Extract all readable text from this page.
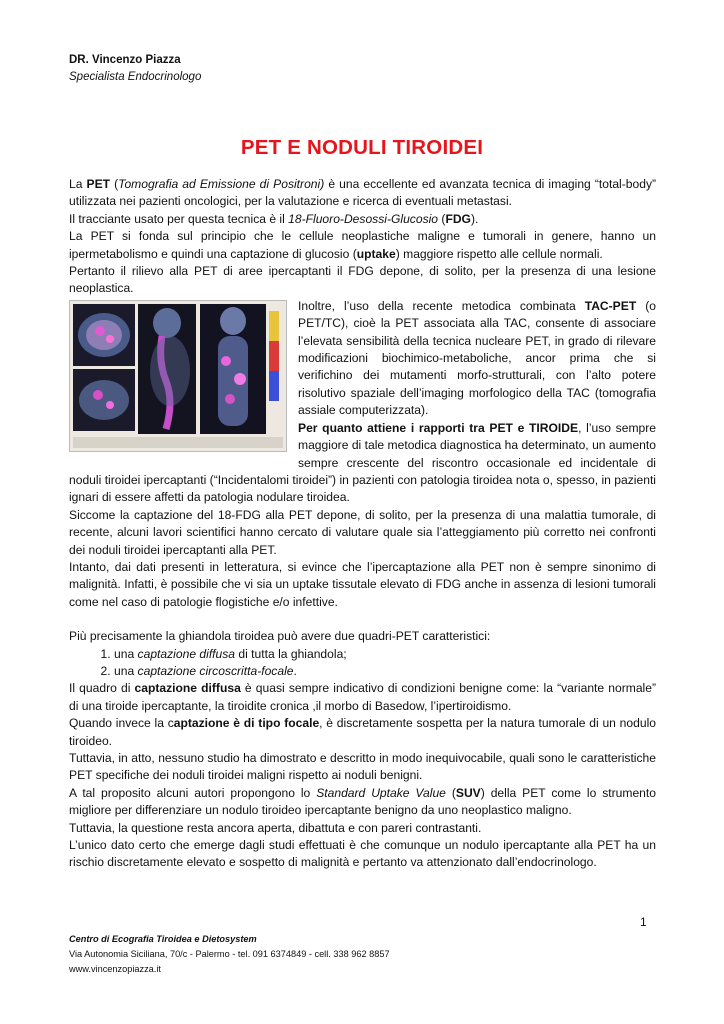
DR. Vincenzo Piazza
Specialista Endocrinologo
PET E NODULI TIROIDEI

La PET (Tomografia ad Emissione di Positroni) è una eccellente ed avanzata tecnica di imaging “total-body” utilizzata nei pazienti oncologici, per la valutazione e ricerca di eventuali metastasi.

Il tracciante usato per questa tecnica è il 18-Fluoro-Desossi-Glucosio (FDG).

La PET si fonda sul principio che le cellule neoplastiche maligne e tumorali in genere, hanno un ipermetabolismo e quindi una captazione di glucosio (uptake) maggiore rispetto alle cellule normali.

Pertanto il rilievo alla PET di aree ipercaptanti il FDG depone, di solito, per la presenza di una lesione neoplastica.

Inoltre, l’uso della recente metodica combinata TAC-PET (o PET/TC), cioè la PET associata alla TAC, consente di associare l’elevata sensibilità della tecnica nucleare PET, in grado di rilevare modificazioni biochimico-metaboliche, ancor prima che si verifichino dei mutamenti morfo-strutturali, con l’alto potere risolutivo spaziale dell’imaging morfologico della TAC (tomografia assiale computerizzata).

Per quanto attiene i rapporti tra PET e TIROIDE, l’uso sempre maggiore di tale metodica diagnostica ha determinato, un aumento sempre crescente del riscontro occasionale ed incidentale di noduli tiroidei ipercaptanti (“Incidentalomi tiroidei”) in pazienti con patologia tiroidea nota o, spesso, in pazienti ignari di essere affetti da patologia nodulare tiroidea.

Siccome la captazione del 18-FDG alla PET depone, di solito, per la presenza di una malattia tumorale, di recente, alcuni lavori scientifici hanno cercato di valutare quale sia l’atteggiamento più corretto nei confronti dei noduli tiroidei ipercaptanti alla PET.

Intanto, dai dati presenti in letteratura, si evince che l’ipercaptazione alla PET non è sempre sinonimo di malignità. Infatti, è possibile che vi sia un uptake tissutale elevato di FDG anche in assenza di lesioni tumorali come nel caso di patologie flogistiche e/o infettive.

Più precisamente la ghiandola tiroidea può avere due quadri-PET caratteristici:

1. una captazione diffusa di tutta la ghiandola;
2. una captazione circoscritta-focale.

Il quadro di captazione diffusa è quasi sempre indicativo di condizioni benigne come: la “variante normale” di una tiroide ipercaptante, la tiroidite cronica ,il morbo di Basedow, l’ipertiroidismo.

Quando invece la captazione è di tipo focale, è discretamente sospetta per la natura tumorale di un nodulo tiroideo.

Tuttavia, in atto, nessuno studio ha dimostrato e descritto in modo inequivocabile, quali sono le caratteristiche PET specifiche dei noduli tiroidei maligni rispetto ai noduli benigni.

A tal proposito alcuni autori propongono lo Standard Uptake Value (SUV) della PET come lo strumento migliore per differenziare un nodulo tiroideo ipercaptante benigno da uno neoplastico maligno.

Tuttavia, la questione resta ancora aperta, dibattuta e con pareri contrastanti.

L’unico dato certo che emerge dagli studi effettuati è che comunque un nodulo ipercaptante alla PET ha un rischio discretamente elevato e sospetto di malignità e pertanto va attenzionato dall’endocrinologo.

1
Centro di Ecografia Tiroidea e Dietosystem
Via Autonomia Siciliana, 70/c - Palermo - tel. 091 6374849 - cell. 338 962 8857
www.vincenzopiazza.it
